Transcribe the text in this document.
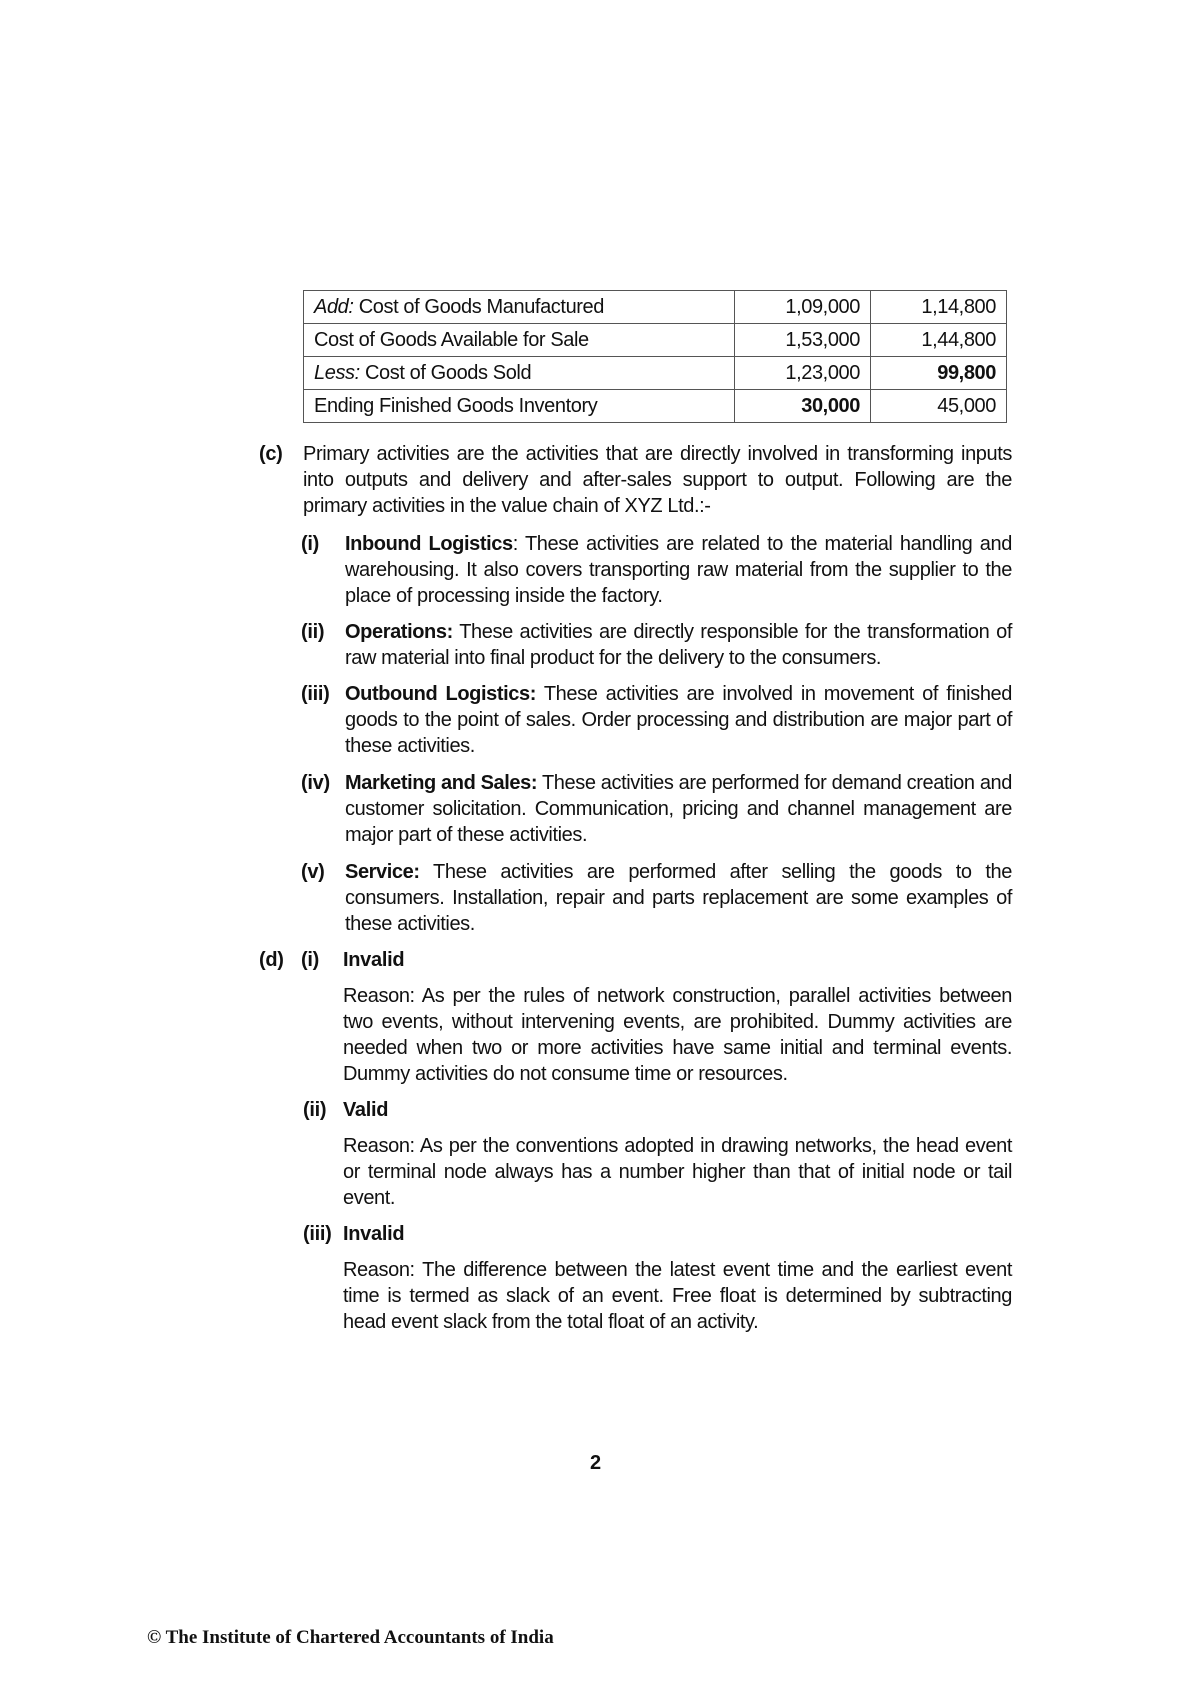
Add: Cost of Goods Manufactured	1,09,000	1,14,800
Cost of Goods Available for Sale	1,53,000	1,44,800
Less: Cost of Goods Sold	1,23,000	99,800
Ending Finished Goods Inventory	30,000	45,000
(c) Primary activities are the activities that are directly involved in transforming inputs into outputs and delivery and after-sales support to output. Following are the primary activities in the value chain of XYZ Ltd.:-
(i) Inbound Logistics: These activities are related to the material handling and warehousing. It also covers transporting raw material from the supplier to the place of processing inside the factory.
(ii) Operations: These activities are directly responsible for the transformation of raw material into final product for the delivery to the consumers.
(iii) Outbound Logistics: These activities are involved in movement of finished goods to the point of sales. Order processing and distribution are major part of these activities.
(iv) Marketing and Sales: These activities are performed for demand creation and customer solicitation. Communication, pricing and channel management are major part of these activities.
(v) Service: These activities are performed after selling the goods to the consumers. Installation, repair and parts replacement are some examples of these activities.
(d) (i) Invalid
Reason: As per the rules of network construction, parallel activities between two events, without intervening events, are prohibited. Dummy activities are needed when two or more activities have same initial and terminal events. Dummy activities do not consume time or resources.
(ii) Valid
Reason: As per the conventions adopted in drawing networks, the head event or terminal node always has a number higher than that of initial node or tail event.
(iii) Invalid
Reason: The difference between the latest event time and the earliest event time is termed as slack of an event. Free float is determined by subtracting head event slack from the total float of an activity.
2
© The Institute of Chartered Accountants of India
